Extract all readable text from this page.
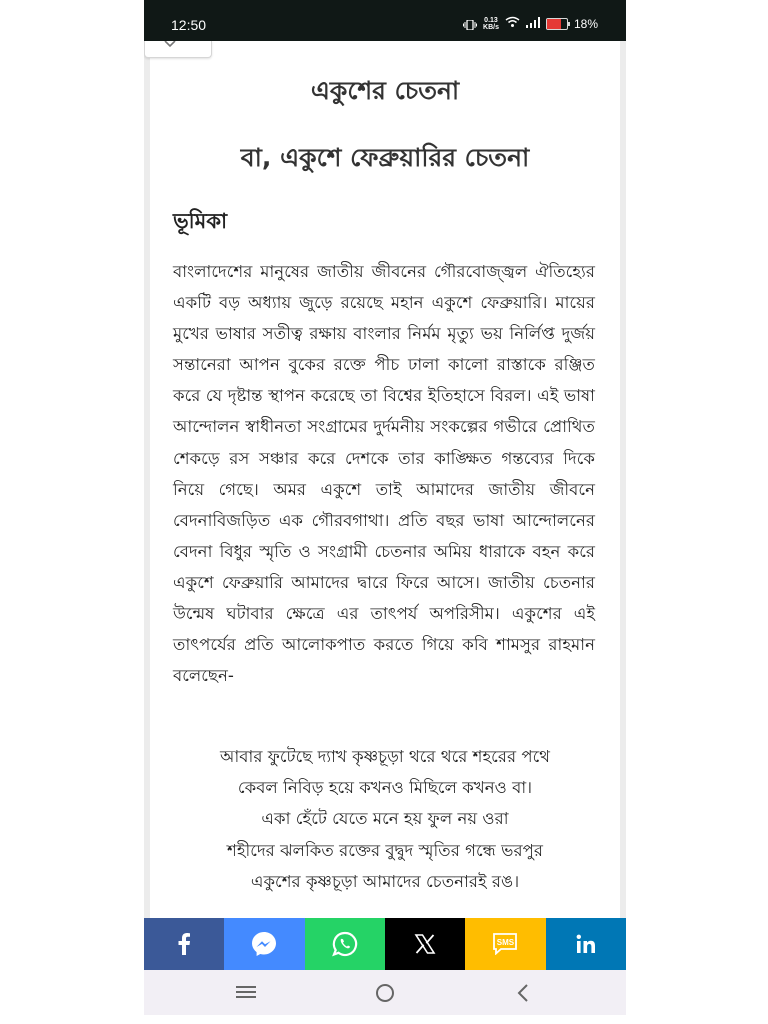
12:50	0.13
KB/s	18%
একুশের চেতনা
বা, একুশে ফেব্রুয়ারির চেতনা
ভূমিকা

বাংলাদেশের মানুষের জাতীয় জীবনের গৌরবোজ্জ্বল ঐতিহ্যের একটি বড় অধ্যায় জুড়ে রয়েছে মহান একুশে ফেব্রুয়ারি। মায়ের মুখের ভাষার সতীত্ব রক্ষায় বাংলার নির্মম মৃত্যু ভয় নির্লিপ্ত দুর্জয় সন্তানেরা আপন বুকের রক্তে পীচ ঢালা কালো রাস্তাকে রঞ্জিত করে যে দৃষ্টান্ত স্থাপন করেছে তা বিশ্বের ইতিহাসে বিরল। এই ভাষা আন্দোলন স্বাধীনতা সংগ্রামের দুর্দমনীয় সংকল্পের গভীরে প্রোথিত শেকড়ে রস সঞ্চার করে দেশকে তার কাঙ্ক্ষিত গন্তব্যের দিকে নিয়ে গেছে। অমর একুশে তাই আমাদের জাতীয় জীবনে বেদনাবিজড়িত এক গৌরবগাথা। প্রতি বছর ভাষা আন্দোলনের বেদনা বিধুর স্মৃতি ও সংগ্রামী চেতনার অমিয় ধারাকে বহন করে একুশে ফেব্রুয়ারি আমাদের দ্বারে ফিরে আসে। জাতীয় চেতনার উন্মেষ ঘটাবার ক্ষেত্রে এর তাৎপর্য অপরিসীম। একুশের এই তাৎপর্যের প্রতি আলোকপাত করতে গিয়ে কবি শামসুর রাহমান বলেছেন-

আবার ফুটেছে দ্যাখ কৃষ্ণচূড়া থরে থরে শহরের পথে
কেবল নিবিড় হয়ে কখনও মিছিলে কখনও বা।
একা হেঁটে যেতে মনে হয় ফুল নয় ওরা
শহীদের ঝলকিত রক্তের বুদ্বুদ স্মৃতির গন্ধে ভরপুর
একুশের কৃষ্ণচূড়া আমাদের চেতনারই রঙ।
SMS
